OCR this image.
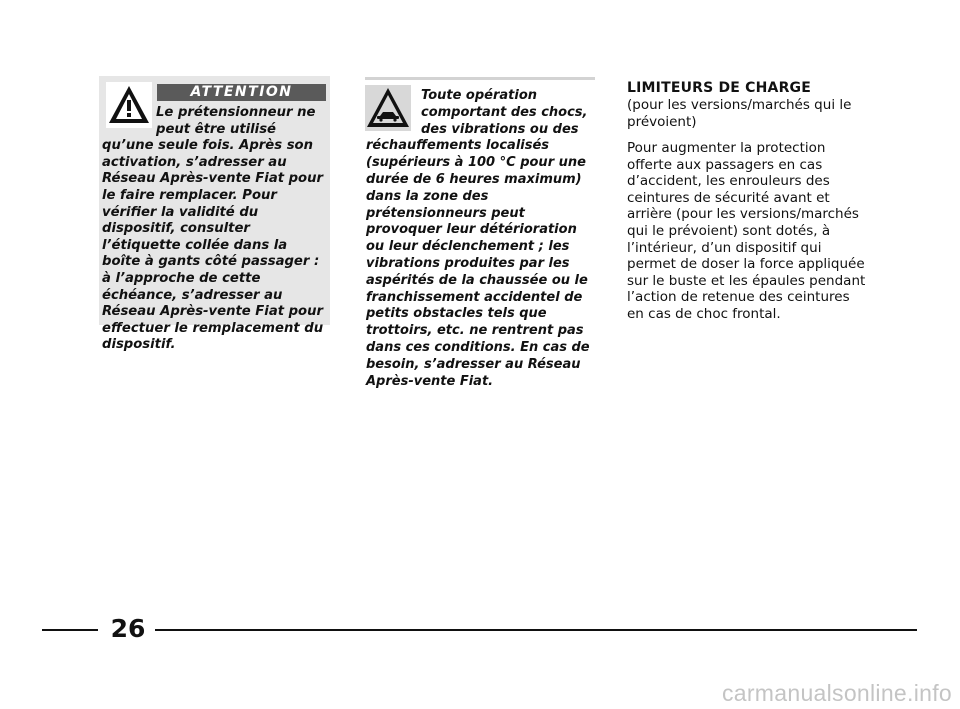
ATTENTION

Le prétensionneur ne peut être utilisé qu’une seule fois. Après son activation, s’adresser au Réseau Après-vente Fiat pour le faire remplacer. Pour vérifier la validité du dispositif, consulter l’étiquette collée dans la boîte à gants côté passager : à l’approche de cette échéance, s’adresser au Réseau Après-vente Fiat pour effectuer le remplacement du dispositif.

Toute opération comportant des chocs, des vibrations ou des réchauffements localisés (supérieurs à 100 °C pour une durée de 6 heures maximum) dans la zone des prétensionneurs peut provoquer leur détérioration ou leur déclenchement ; les vibrations produites par les aspérités de la chaussée ou le franchissement accidentel de petits obstacles tels que trottoirs, etc. ne rentrent pas dans ces conditions. En cas de besoin, s’adresser au Réseau Après-vente Fiat.

LIMITEURS DE CHARGE

(pour les versions/marchés qui le prévoient)

Pour augmenter la protection offerte aux passagers en cas d’accident, les enrouleurs des ceintures de sécurité avant et arrière (pour les versions/marchés qui le prévoient) sont dotés, à l’intérieur, d’un dispositif qui permet de doser la force appliquée sur le buste et les épaules pendant l’action de retenue des ceintures en cas de choc frontal.

26
carmanualsonline.info
